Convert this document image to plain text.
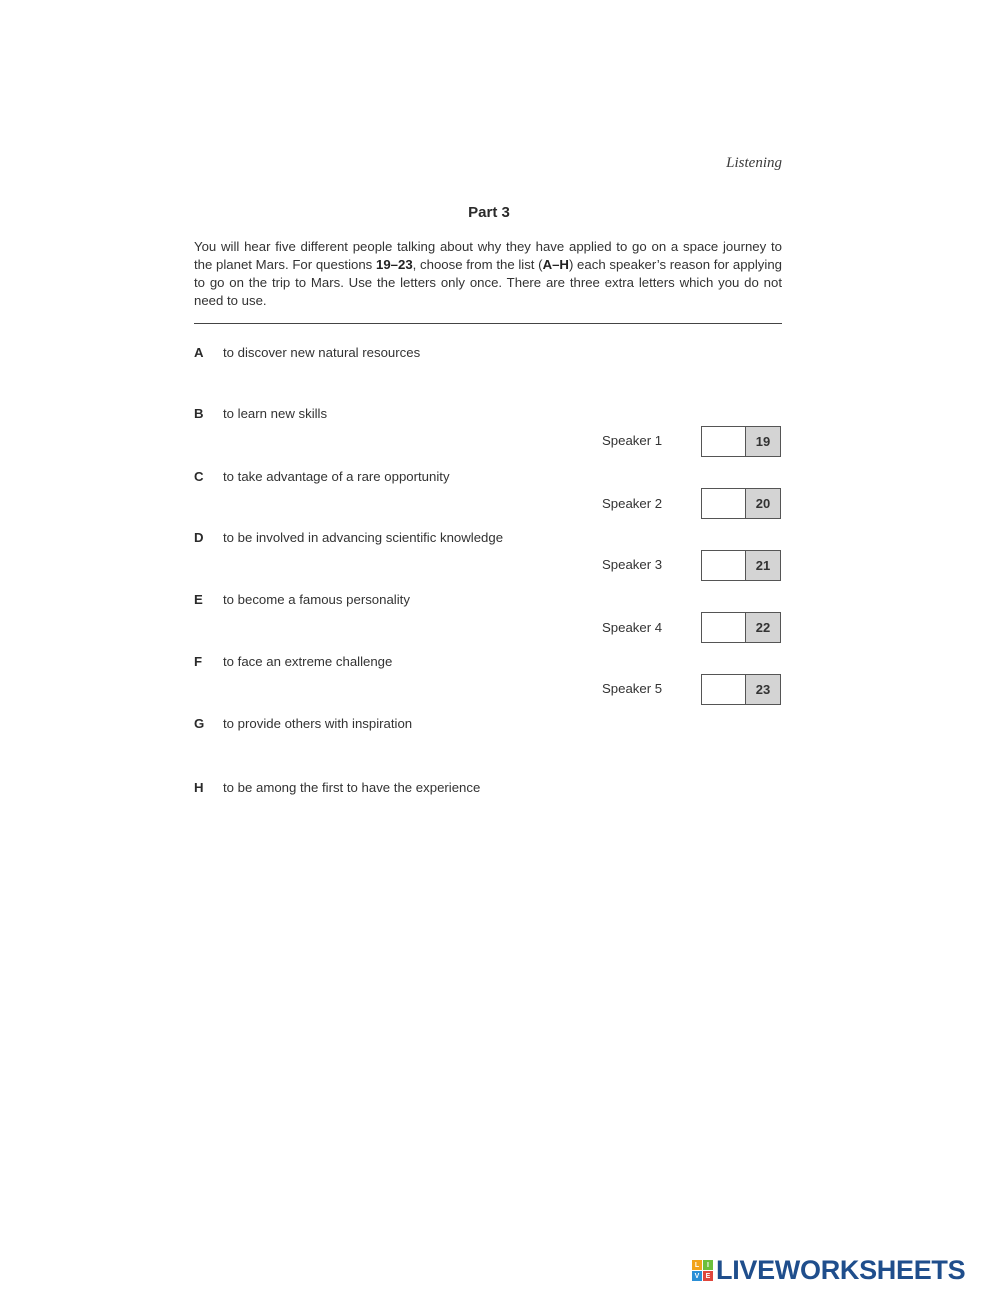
Listening
Part 3
You will hear five different people talking about why they have applied to go on a space journey to the planet Mars. For questions 19–23, choose from the list (A–H) each speaker’s reason for applying to go on the trip to Mars. Use the letters only once. There are three extra letters which you do not need to use.
A to discover new natural resources
B to learn new skills
C to take advantage of a rare opportunity
D to be involved in advancing scientific knowledge
E to become a famous personality
F to face an extreme challenge
G to provide others with inspiration
H to be among the first to have the experience
Speaker 1	19
Speaker 2	20
Speaker 3	21
Speaker 4	22
Speaker 5	23
L	I
V E LIVEWORKSHEETS
